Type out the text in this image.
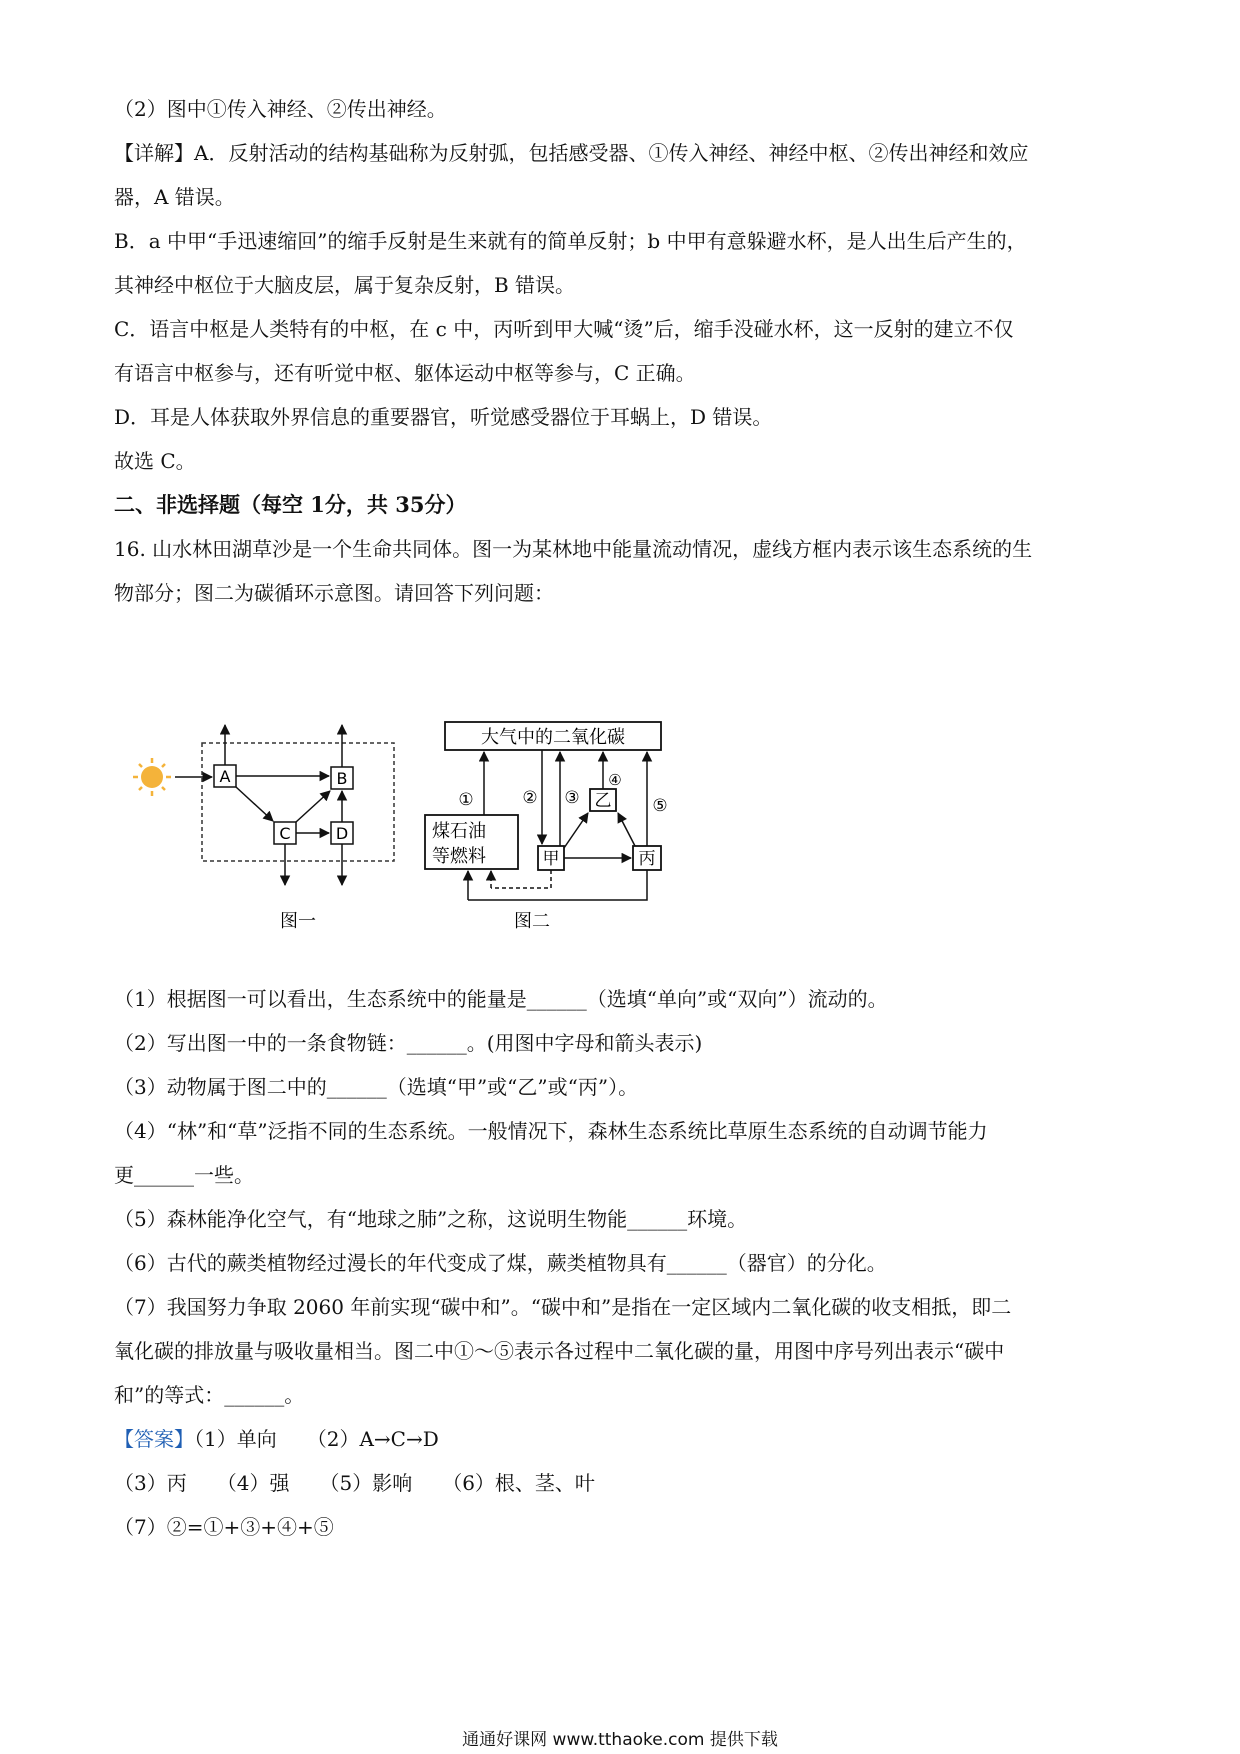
（2）图中①传入神经、②传出神经。
【详解】A．反射活动的结构基础称为反射弧，包括感受器、①传入神经、神经中枢、②传出神经和效应
器，A 错误。
B．a 中甲“手迅速缩回”的缩手反射是生来就有的简单反射；b 中甲有意躲避水杯，是人出生后产生的，
其神经中枢位于大脑皮层，属于复杂反射，B 错误。
C．语言中枢是人类特有的中枢，在 c 中，丙听到甲大喊“烫”后，缩手没碰水杯，这一反射的建立不仅
有语言中枢参与，还有听觉中枢、躯体运动中枢等参与，C 正确。
D．耳是人体获取外界信息的重要器官，听觉感受器位于耳蜗上，D 错误。
故选 C。
二、非选择题（每空 1分，共 35分）
16. 山水林田湖草沙是一个生命共同体。图一为某林地中能量流动情况，虚线方框内表示该生态系统的生
物部分；图二为碳循环示意图。请回答下列问题：
A	B
C	D
图一
大气中的二氧化碳
煤石油
等燃料	甲
乙
丙
①	② ③
④
⑤
图二
（1）根据图一可以看出，生态系统中的能量是______（选填“单向”或“双向”）流动的。
（2）写出图一中的一条食物链：______。(用图中字母和箭头表示)
（3）动物属于图二中的______（选填“甲”或“乙”或“丙”）。
（4）“林”和“草”泛指不同的生态系统。一般情况下，森林生态系统比草原生态系统的自动调节能力
更______一些。
（5）森林能净化空气，有“地球之肺”之称，这说明生物能______环境。
（6）古代的蕨类植物经过漫长的年代变成了煤，蕨类植物具有______（器官）的分化。
（7）我国努力争取 2060 年前实现“碳中和”。“碳中和”是指在一定区域内二氧化碳的收支相抵，即二
氧化碳的排放量与吸收量相当。图二中①～⑤表示各过程中二氧化碳的量，用图中序号列出表示“碳中
和”的等式：______。
【答案】（1）单向 （2）A→C→D
（3）丙 （4）强 （5）影响 （6）根、茎、叶
（7）②=①+③+④+⑤
通通好课网 www.tthaoke.com 提供下载
